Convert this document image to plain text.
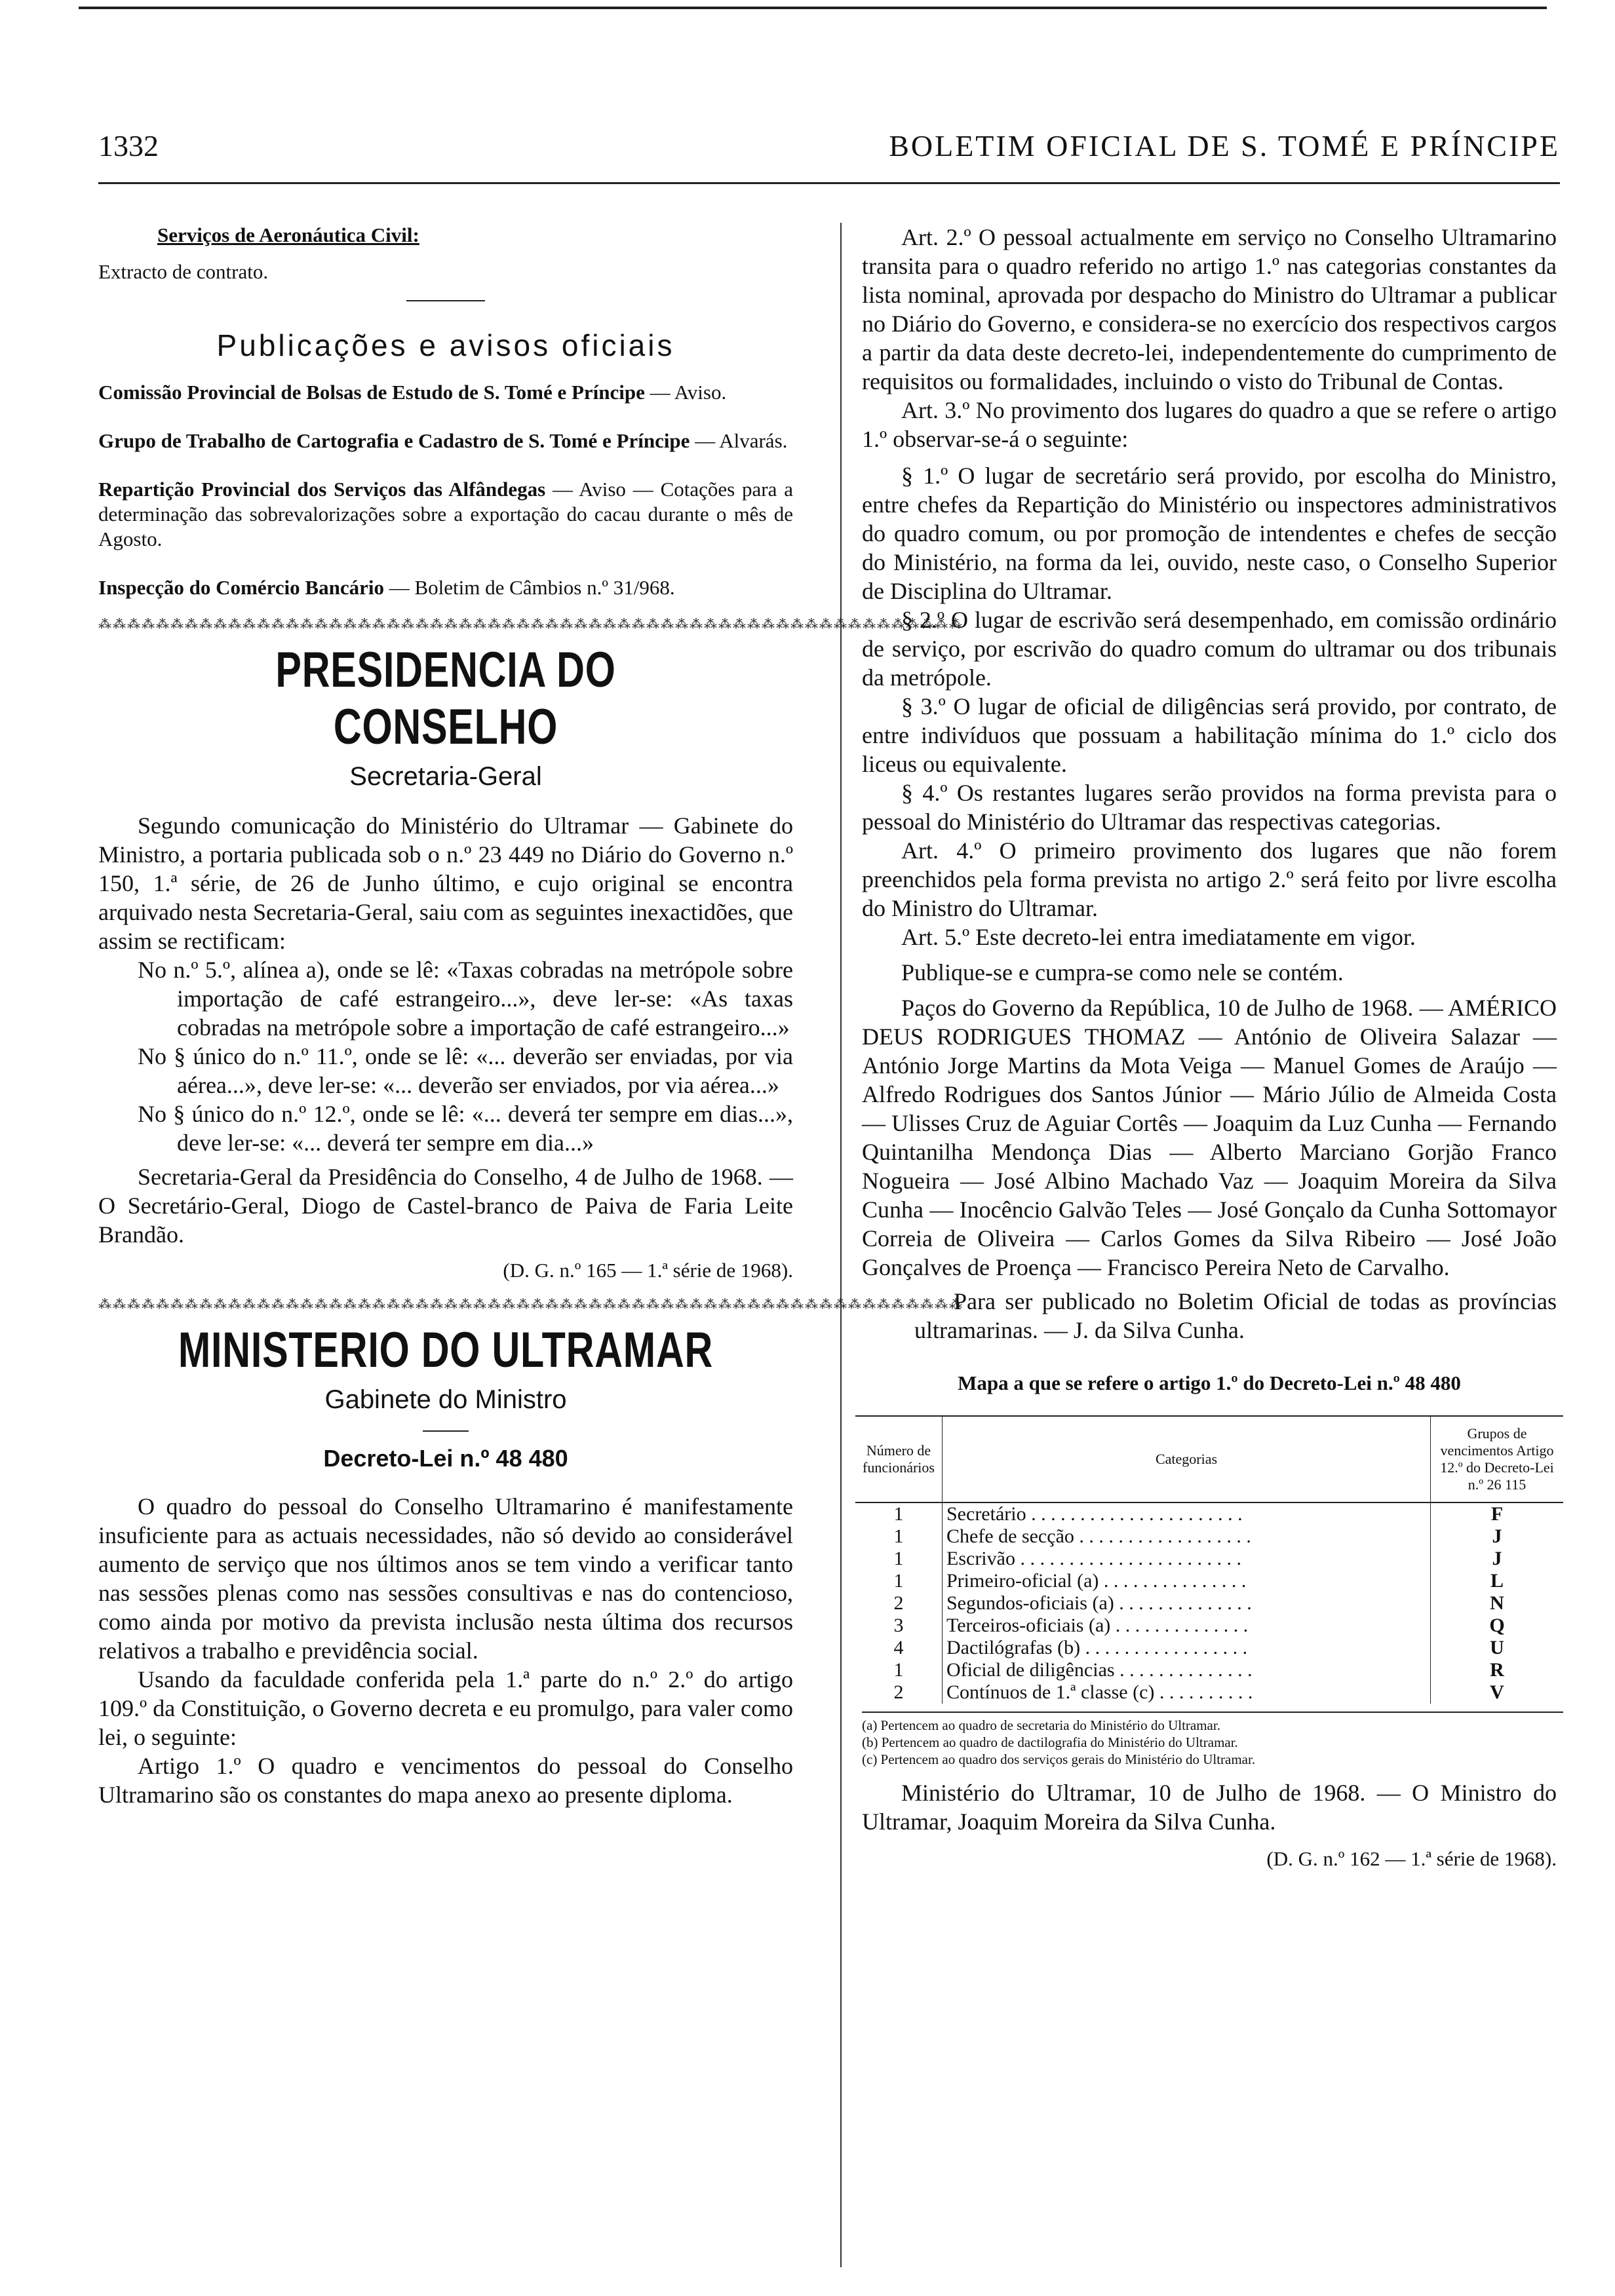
1332	BOLETIM OFICIAL DE S. TOMÉ E PRÍNCIPE

Serviços de Aeronáutica Civil:

Extracto de contrato.

Publicações e avisos oficiais

Comissão Provincial de Bolsas de Estudo de S. Tomé e Príncipe — Aviso.

Grupo de Trabalho de Cartografia e Cadastro de S. Tomé e Príncipe — Alvarás.

Repartição Provincial dos Serviços das Alfândegas — Aviso — Cotações para a determinação das sobrevalorizações sobre a exportação do cacau durante o mês de Agosto.

Inspecção do Comércio Bancário — Boletim de Câmbios n.º 31/968.

⁂⁂⁂⁂⁂⁂⁂⁂⁂⁂⁂⁂⁂⁂⁂⁂⁂⁂⁂⁂⁂⁂⁂⁂⁂⁂⁂⁂⁂⁂⁂⁂⁂⁂⁂⁂⁂⁂⁂⁂⁂⁂⁂⁂⁂⁂⁂⁂⁂⁂⁂⁂⁂⁂⁂⁂⁂⁂⁂⁂

PRESIDENCIA DO CONSELHO

Secretaria-Geral

Segundo comunicação do Ministério do Ultramar — Gabinete do Ministro, a portaria publicada sob o n.º 23 449 no Diário do Governo n.º 150, 1.ª série, de 26 de Junho último, e cujo original se encontra arquivado nesta Secretaria-Geral, saiu com as seguintes inexactidões, que assim se rectificam:

No n.º 5.º, alínea a), onde se lê: «Taxas cobradas na metrópole sobre importação de café estrangeiro...», deve ler-se: «As taxas cobradas na metrópole sobre a importação de café estrangeiro...»

No § único do n.º 11.º, onde se lê: «... deverão ser enviadas, por via aérea...», deve ler-se: «... deverão ser enviados, por via aérea...»

No § único do n.º 12.º, onde se lê: «... deverá ter sempre em dias...», deve ler-se: «... deverá ter sempre em dia...»

Secretaria-Geral da Presidência do Conselho, 4 de Julho de 1968. — O Secretário-Geral, Diogo de Castel-branco de Paiva de Faria Leite Brandão.

(D. G. n.º 165 — 1.ª série de 1968).

⁂⁂⁂⁂⁂⁂⁂⁂⁂⁂⁂⁂⁂⁂⁂⁂⁂⁂⁂⁂⁂⁂⁂⁂⁂⁂⁂⁂⁂⁂⁂⁂⁂⁂⁂⁂⁂⁂⁂⁂⁂⁂⁂⁂⁂⁂⁂⁂⁂⁂⁂⁂⁂⁂⁂⁂⁂⁂⁂⁂

MINISTERIO DO ULTRAMAR

Gabinete do Ministro

Decreto-Lei n.º 48 480

O quadro do pessoal do Conselho Ultramarino é manifestamente insuficiente para as actuais necessidades, não só devido ao considerável aumento de serviço que nos últimos anos se tem vindo a verificar tanto nas sessões plenas como nas sessões consultivas e nas do contencioso, como ainda por motivo da prevista inclusão nesta última dos recursos relativos a trabalho e previdência social.

Usando da faculdade conferida pela 1.ª parte do n.º 2.º do artigo 109.º da Constituição, o Governo decreta e eu promulgo, para valer como lei, o seguinte:

Artigo 1.º O quadro e vencimentos do pessoal do Conselho Ultramarino são os constantes do mapa anexo ao presente diploma.

Art. 2.º O pessoal actualmente em serviço no Conselho Ultramarino transita para o quadro referido no artigo 1.º nas categorias constantes da lista nominal, aprovada por despacho do Ministro do Ultramar a publicar no Diário do Governo, e considera-se no exercício dos respectivos cargos a partir da data deste decreto-lei, independentemente do cumprimento de requisitos ou formalidades, incluindo o visto do Tribunal de Contas.

Art. 3.º No provimento dos lugares do quadro a que se refere o artigo 1.º observar-se-á o seguinte:

§ 1.º O lugar de secretário será provido, por escolha do Ministro, entre chefes da Repartição do Ministério ou inspectores administrativos do quadro comum, ou por promoção de intendentes e chefes de secção do Ministério, na forma da lei, ouvido, neste caso, o Conselho Superior de Disciplina do Ultramar.

§ 2.º O lugar de escrivão será desempenhado, em comissão ordinário de serviço, por escrivão do quadro comum do ultramar ou dos tribunais da metrópole.

§ 3.º O lugar de oficial de diligências será provido, por contrato, de entre indivíduos que possuam a habilitação mínima do 1.º ciclo dos liceus ou equivalente.

§ 4.º Os restantes lugares serão providos na forma prevista para o pessoal do Ministério do Ultramar das respectivas categorias.

Art. 4.º O primeiro provimento dos lugares que não forem preenchidos pela forma prevista no artigo 2.º será feito por livre escolha do Ministro do Ultramar.

Art. 5.º Este decreto-lei entra imediatamente em vigor.

Publique-se e cumpra-se como nele se contém.

Paços do Governo da República, 10 de Julho de 1968. — AMÉRICO DEUS RODRIGUES THOMAZ — António de Oliveira Salazar — António Jorge Martins da Mota Veiga — Manuel Gomes de Araújo — Alfredo Rodrigues dos Santos Júnior — Mário Júlio de Almeida Costa — Ulisses Cruz de Aguiar Cortês — Joaquim da Luz Cunha — Fernando Quintanilha Mendonça Dias — Alberto Marciano Gorjão Franco Nogueira — José Albino Machado Vaz — Joaquim Moreira da Silva Cunha — Inocêncio Galvão Teles — José Gonçalo da Cunha Sottomayor Correia de Oliveira — Carlos Gomes da Silva Ribeiro — José João Gonçalves de Proença — Francisco Pereira Neto de Carvalho.

Para ser publicado no Boletim Oficial de todas as províncias ultramarinas. — J. da Silva Cunha.

Mapa a que se refere o artigo 1.º do Decreto-Lei n.º 48 480

Número de funcionários	Categorias	Grupos de vencimentos Artigo 12.º do Decreto-Lei n.º 26 115
1	Secretário . . . . . . . . . . . . . . . . . . . . . .	F
1	Chefe de secção . . . . . . . . . . . . . . . . . .	J
1	Escrivão . . . . . . . . . . . . . . . . . . . . . . .	J
1	Primeiro-oficial (a) . . . . . . . . . . . . . . .	L
2	Segundos-oficiais (a) . . . . . . . . . . . . . .	N
3	Terceiros-oficiais (a) . . . . . . . . . . . . . .	Q
4	Dactilógrafas (b) . . . . . . . . . . . . . . . . .	U
1	Oficial de diligências . . . . . . . . . . . . . .	R
2	Contínuos de 1.ª classe (c) . . . . . . . . . .	V

(a) Pertencem ao quadro de secretaria do Ministério do Ultramar.

(b) Pertencem ao quadro de dactilografia do Ministério do Ultramar.

(c) Pertencem ao quadro dos serviços gerais do Ministério do Ultramar.

Ministério do Ultramar, 10 de Julho de 1968. — O Ministro do Ultramar, Joaquim Moreira da Silva Cunha.

(D. G. n.º 162 — 1.ª série de 1968).
